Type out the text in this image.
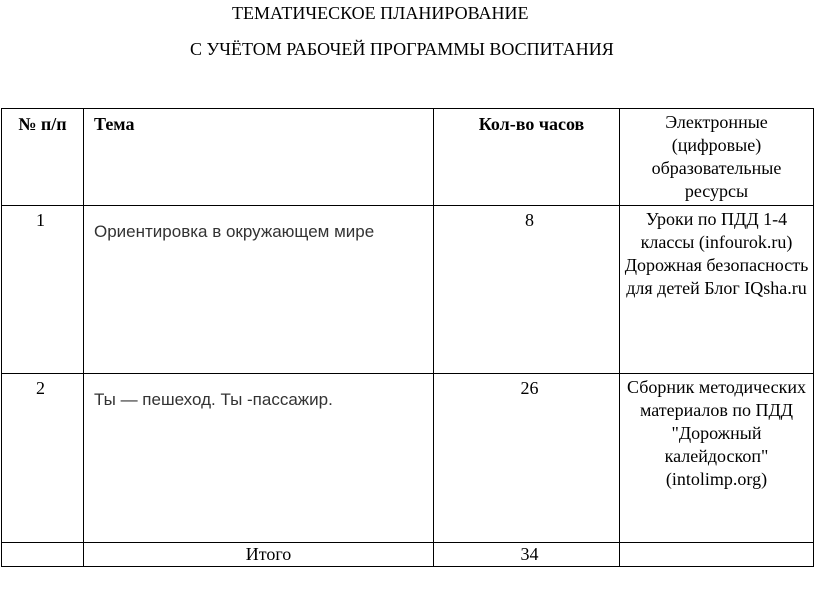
ТЕМАТИЧЕСКОЕ ПЛАНИРОВАНИЕ
С УЧЁТОМ РАБОЧЕЙ ПРОГРАММЫ ВОСПИТАНИЯ
№ п/п	Тема	Кол-во часов	Электронные (цифровые) образовательные ресурсы
1	Ориентировка в окружающем мире	8	Уроки по ПДД 1-4 классы (infourok.ru) Дорожная безопасность для детей Блог IQsha.ru
2	Ты — пешеход. Ты -пассажир.	26	Сборник методических материалов по ПДД "Дорожный калейдоскоп" (intolimp.org)
	Итого	34	
